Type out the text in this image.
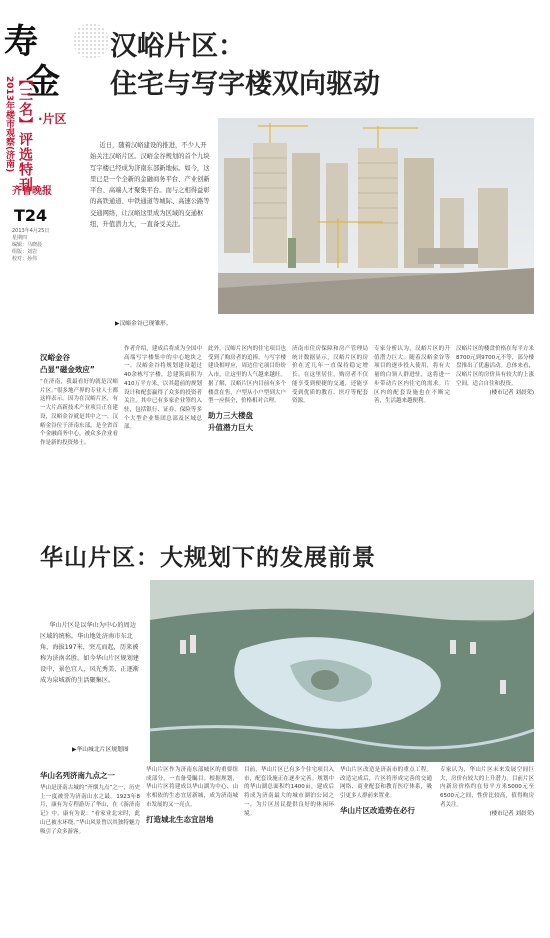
寿
金
·片区
2013年楼市观察(济南) 【三名】评选特刊
齐鲁晚报
T24
2013年4月25日
星期四
编辑：马晓晨
组版：刘岩
校对：孙伟
汉峪片区：
住宅与写字楼双向驱动
近日，随着汉峪建设的推进，不少人开始关注汉峪片区。汉峪金谷规划的首个九块写字楼已经成为济南东部新地标。如今，这里已是一个全新的金融商务平台、产业创新平台、高端人才聚集平台。而与之相得益彰的高铁通道、中铁通道等城际、高速公路等交通网络，让汉峪这里成为区域的交通枢纽，升值潜力大，一直备受关注。
▶汉峪金谷已现雏形。
汉峪金谷
凸显“磁金效应”
“在济南，我最看好的就是汉峪片区。”很多地产界的专业人士都这样表示。因为在汉峪片区，有一大片高新技术产业项目正在建设，汉峪金谷就是其中之一。汉峪金谷位于济南东部，是全省首个金融商务中心，被众多企业看作是新的投资热土。
作者介绍，建成后将成为全国中高端写字楼集中的中心地块之一。汉峪金谷将规划建设超过40余栋写字楼，总建筑面积为410万平方米，以其超前的规划设计和配套赢得了众多的投资者关注，其中已有多家企业签约入驻，包括银行、证券、保险等多个大型企业集团总部及区域总部。
此外，汉峪片区内的住宅项目也受到了购房者的追捧。与写字楼建设相呼应，周边住宅项目纷纷入市，让这里的人气越来越旺。据了解，汉峪片区内目前有多个楼盘在售，户型从小户型到大户型一应俱全，价格相对合理。
助力三大楼盘
升值潜力巨大
济南市住房保障和房产管理局统计数据显示，汉峪片区的房价在近几年一直保持稳定增长。在这里居住，购房者不仅能享受到便捷的交通，还能享受到优质的教育、医疗等配套资源。
专家分析认为，汉峪片区的升值潜力巨大。随着汉峪金谷等项目的逐步投入使用，将有大量的白领人群进驻，这将进一步带动片区内住宅的需求。片区内的配套设施也在不断完善，生活越来越便利。
汉峪片区的楼盘价格在每平方米8700元到9700元不等，部分楼盘推出了优惠活动。总体来看，汉峪片区的房价具有较大的上涨空间，适合自住和投资。
(楼市记者 刘晨荣)
华山片区：大规划下的发展前景
华山片区是以华山为中心的周边区域的统称。华山地处济南市东北角，海拔197米，突兀而起，历来被称为济南名胜。如今华山片区规划建设中，景色宜人，风光秀美，正逐渐成为泉城新的生活聚集区。
▶华山城北片区规划图
华山名列济南九点之一
华山是济南古城的“齐烟九点”之一，历史上一度被誉为济南山水之最。1923年8月，康有为专程游历了华山，在《游济南记》中，康有为说：“看家业北宋时，此山已被水环绕。”华山风景曾以其独特魅力吸引了众多游客。
华山片区作为济南东部城区的重要组成部分，一直备受瞩目。根据规划，华山片区将建成以华山湖为中心、山水相依的生态宜居新城，成为济南城市发展的又一亮点。
打造城北生态宜居地
目前，华山片区已有多个住宅项目入市，配套设施正在逐步完善。规划中的华山湖总面积约1400亩，建成后将成为济南最大的城市湖泊公园之一，为片区居民提供良好的休闲环境。
华山片区改造是济南市的重点工程。改造完成后，片区将形成完善的交通网络、商业配套和教育医疗体系，吸引更多人群前来置业。
华山片区改造势在必行
专家认为，华山片区未来发展空间巨大，房价有较大的上升潜力。目前片区内新房价格约在每平方米5000元至6500元之间，性价比较高，值得购房者关注。
(楼市记者 刘晨荣)
